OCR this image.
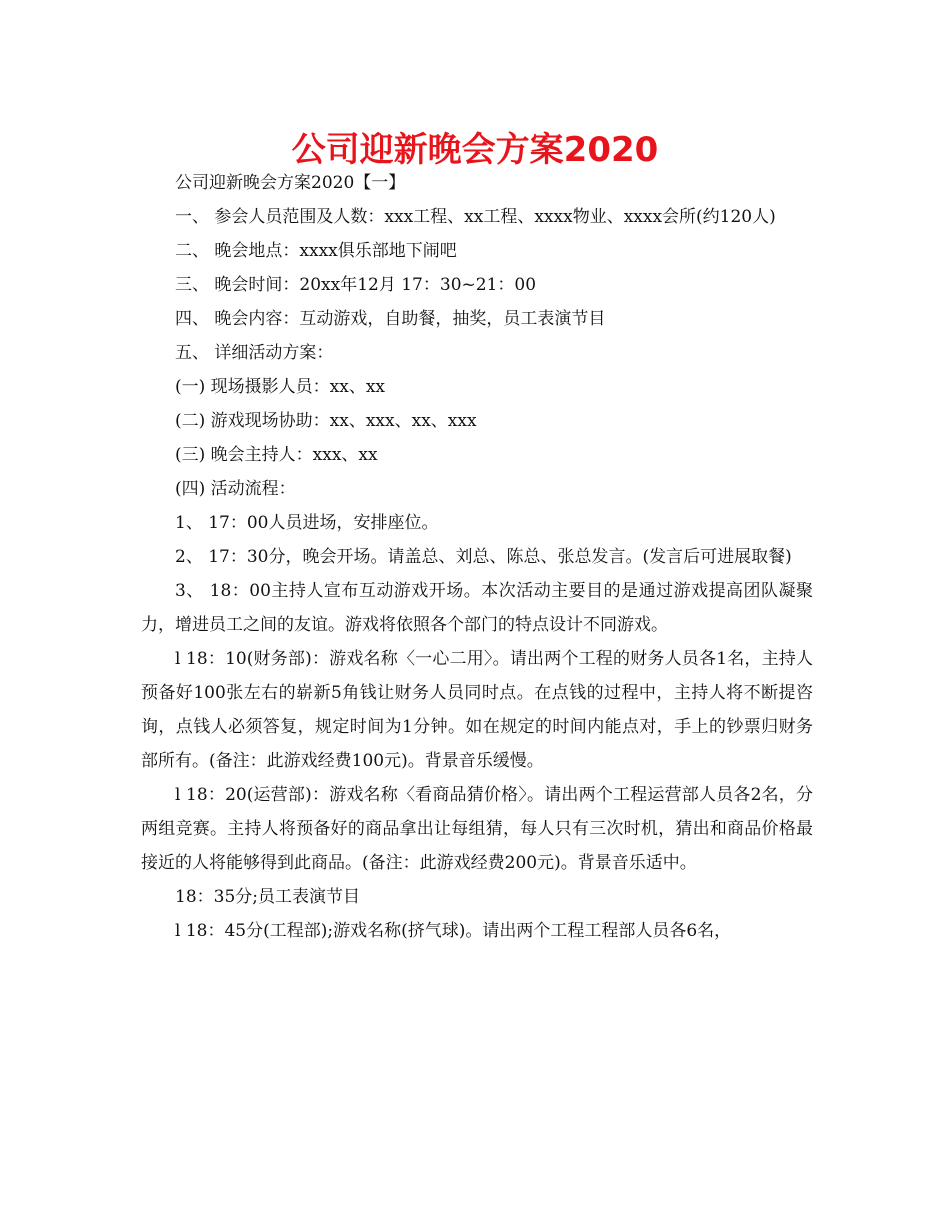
公司迎新晚会方案2020

公司迎新晚会方案2020【一】

一、 参会人员范围及人数：xxx工程、xx工程、xxxx物业、xxxx会所(约120人)

二、 晚会地点：xxxx俱乐部地下闹吧

三、 晚会时间：20xx年12月 17：30~21：00

四、 晚会内容：互动游戏，自助餐，抽奖，员工表演节目

五、 详细活动方案：

(一) 现场摄影人员：xx、xx

(二) 游戏现场协助：xx、xxx、xx、xxx

(三) 晚会主持人：xxx、xx

(四) 活动流程：

1、 17：00人员进场，安排座位。

2、 17：30分，晚会开场。请盖总、刘总、陈总、张总发言。(发言后可进展取餐)

3、 18：00主持人宣布互动游戏开场。本次活动主要目的是通过游戏提高团队凝聚力，增进员工之间的友谊。游戏将依照各个部门的特点设计不同游戏。

l 18：10(财务部)：游戏名称〈一心二用〉。请出两个工程的财务人员各1名，主持人预备好100张左右的崭新5角钱让财务人员同时点。在点钱的过程中，主持人将不断提咨询，点钱人必须答复，规定时间为1分钟。如在规定的时间内能点对，手上的钞票归财务部所有。(备注：此游戏经费100元)。背景音乐缓慢。

l 18：20(运营部)：游戏名称〈看商品猜价格〉。请出两个工程运营部人员各2名，分两组竞赛。主持人将预备好的商品拿出让每组猜，每人只有三次时机，猜出和商品价格最接近的人将能够得到此商品。(备注：此游戏经费200元)。背景音乐适中。

18：35分;员工表演节目

l 18：45分(工程部);游戏名称(挤气球)。请出两个工程工程部人员各6名，
